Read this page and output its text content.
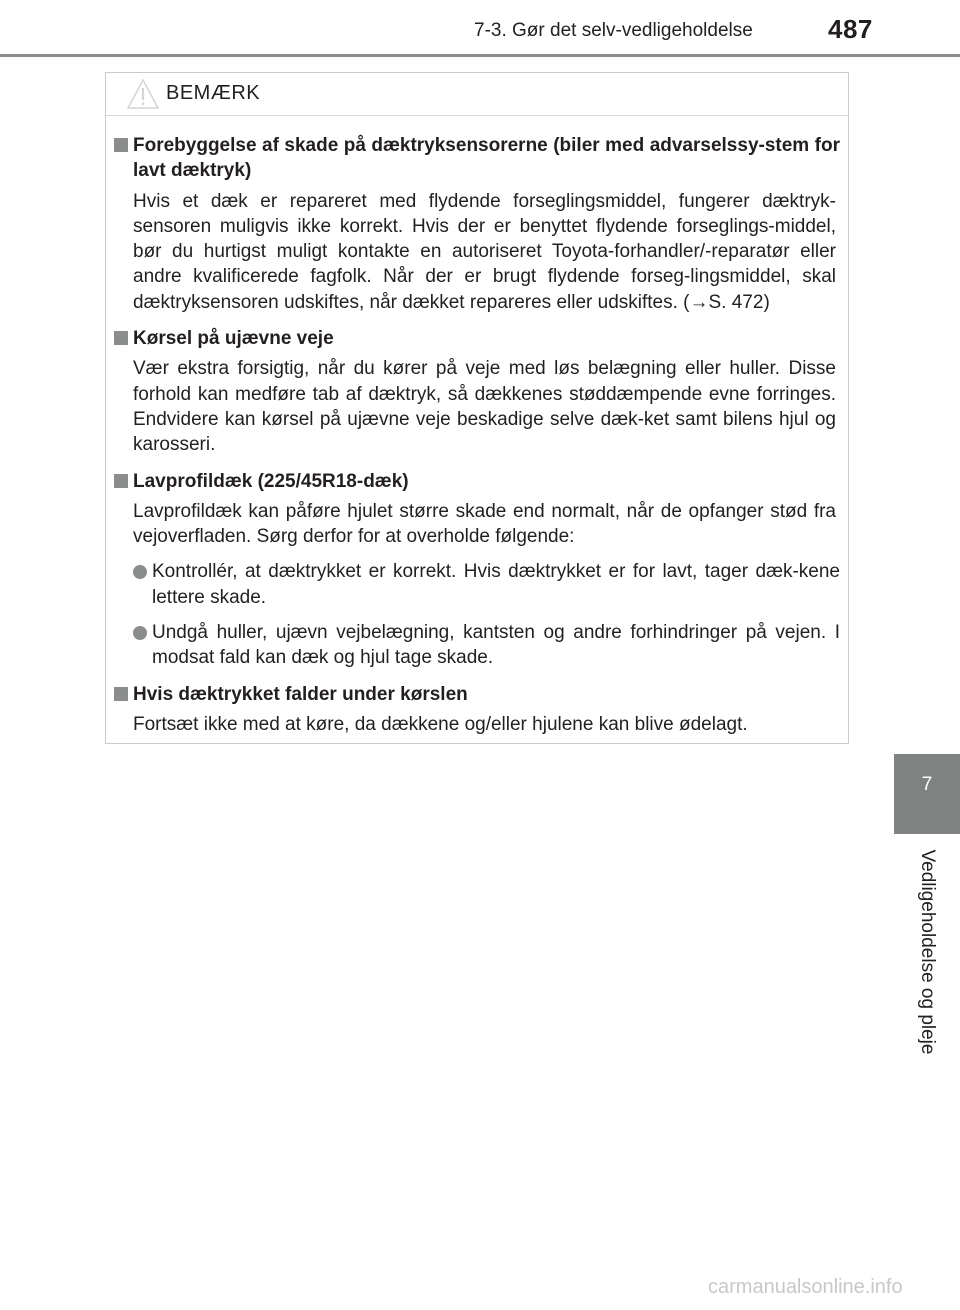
7-3. Gør det selv-vedligeholdelse	487
BEMÆRK
Forebyggelse af skade på dæktryksensorerne (biler med advarselssy-stem for lavt dæktryk)
Hvis et dæk er repareret med flydende forseglingsmiddel, fungerer dæktryk-sensoren muligvis ikke korrekt. Hvis der er benyttet flydende forseglings-middel, bør du hurtigst muligt kontakte en autoriseret Toyota-forhandler/-reparatør eller andre kvalificerede fagfolk. Når der er brugt flydende forseg-lingsmiddel, skal dæktryksensoren udskiftes, når dækket repareres eller udskiftes. (→S. 472)
Kørsel på ujævne veje
Vær ekstra forsigtig, når du kører på veje med løs belægning eller huller. Disse forhold kan medføre tab af dæktryk, så dækkenes støddæmpende evne forringes. Endvidere kan kørsel på ujævne veje beskadige selve dæk-ket samt bilens hjul og karosseri.
Lavprofildæk (225/45R18-dæk)
Lavprofildæk kan påføre hjulet større skade end normalt, når de opfanger stød fra vejoverfladen. Sørg derfor for at overholde følgende:
Kontrollér, at dæktrykket er korrekt. Hvis dæktrykket er for lavt, tager dæk-kene lettere skade.
Undgå huller, ujævn vejbelægning, kantsten og andre forhindringer på vejen. I modsat fald kan dæk og hjul tage skade.
Hvis dæktrykket falder under kørslen
Fortsæt ikke med at køre, da dækkene og/eller hjulene kan blive ødelagt.
7
Vedligeholdelse og pleje
carmanualsonline.info
